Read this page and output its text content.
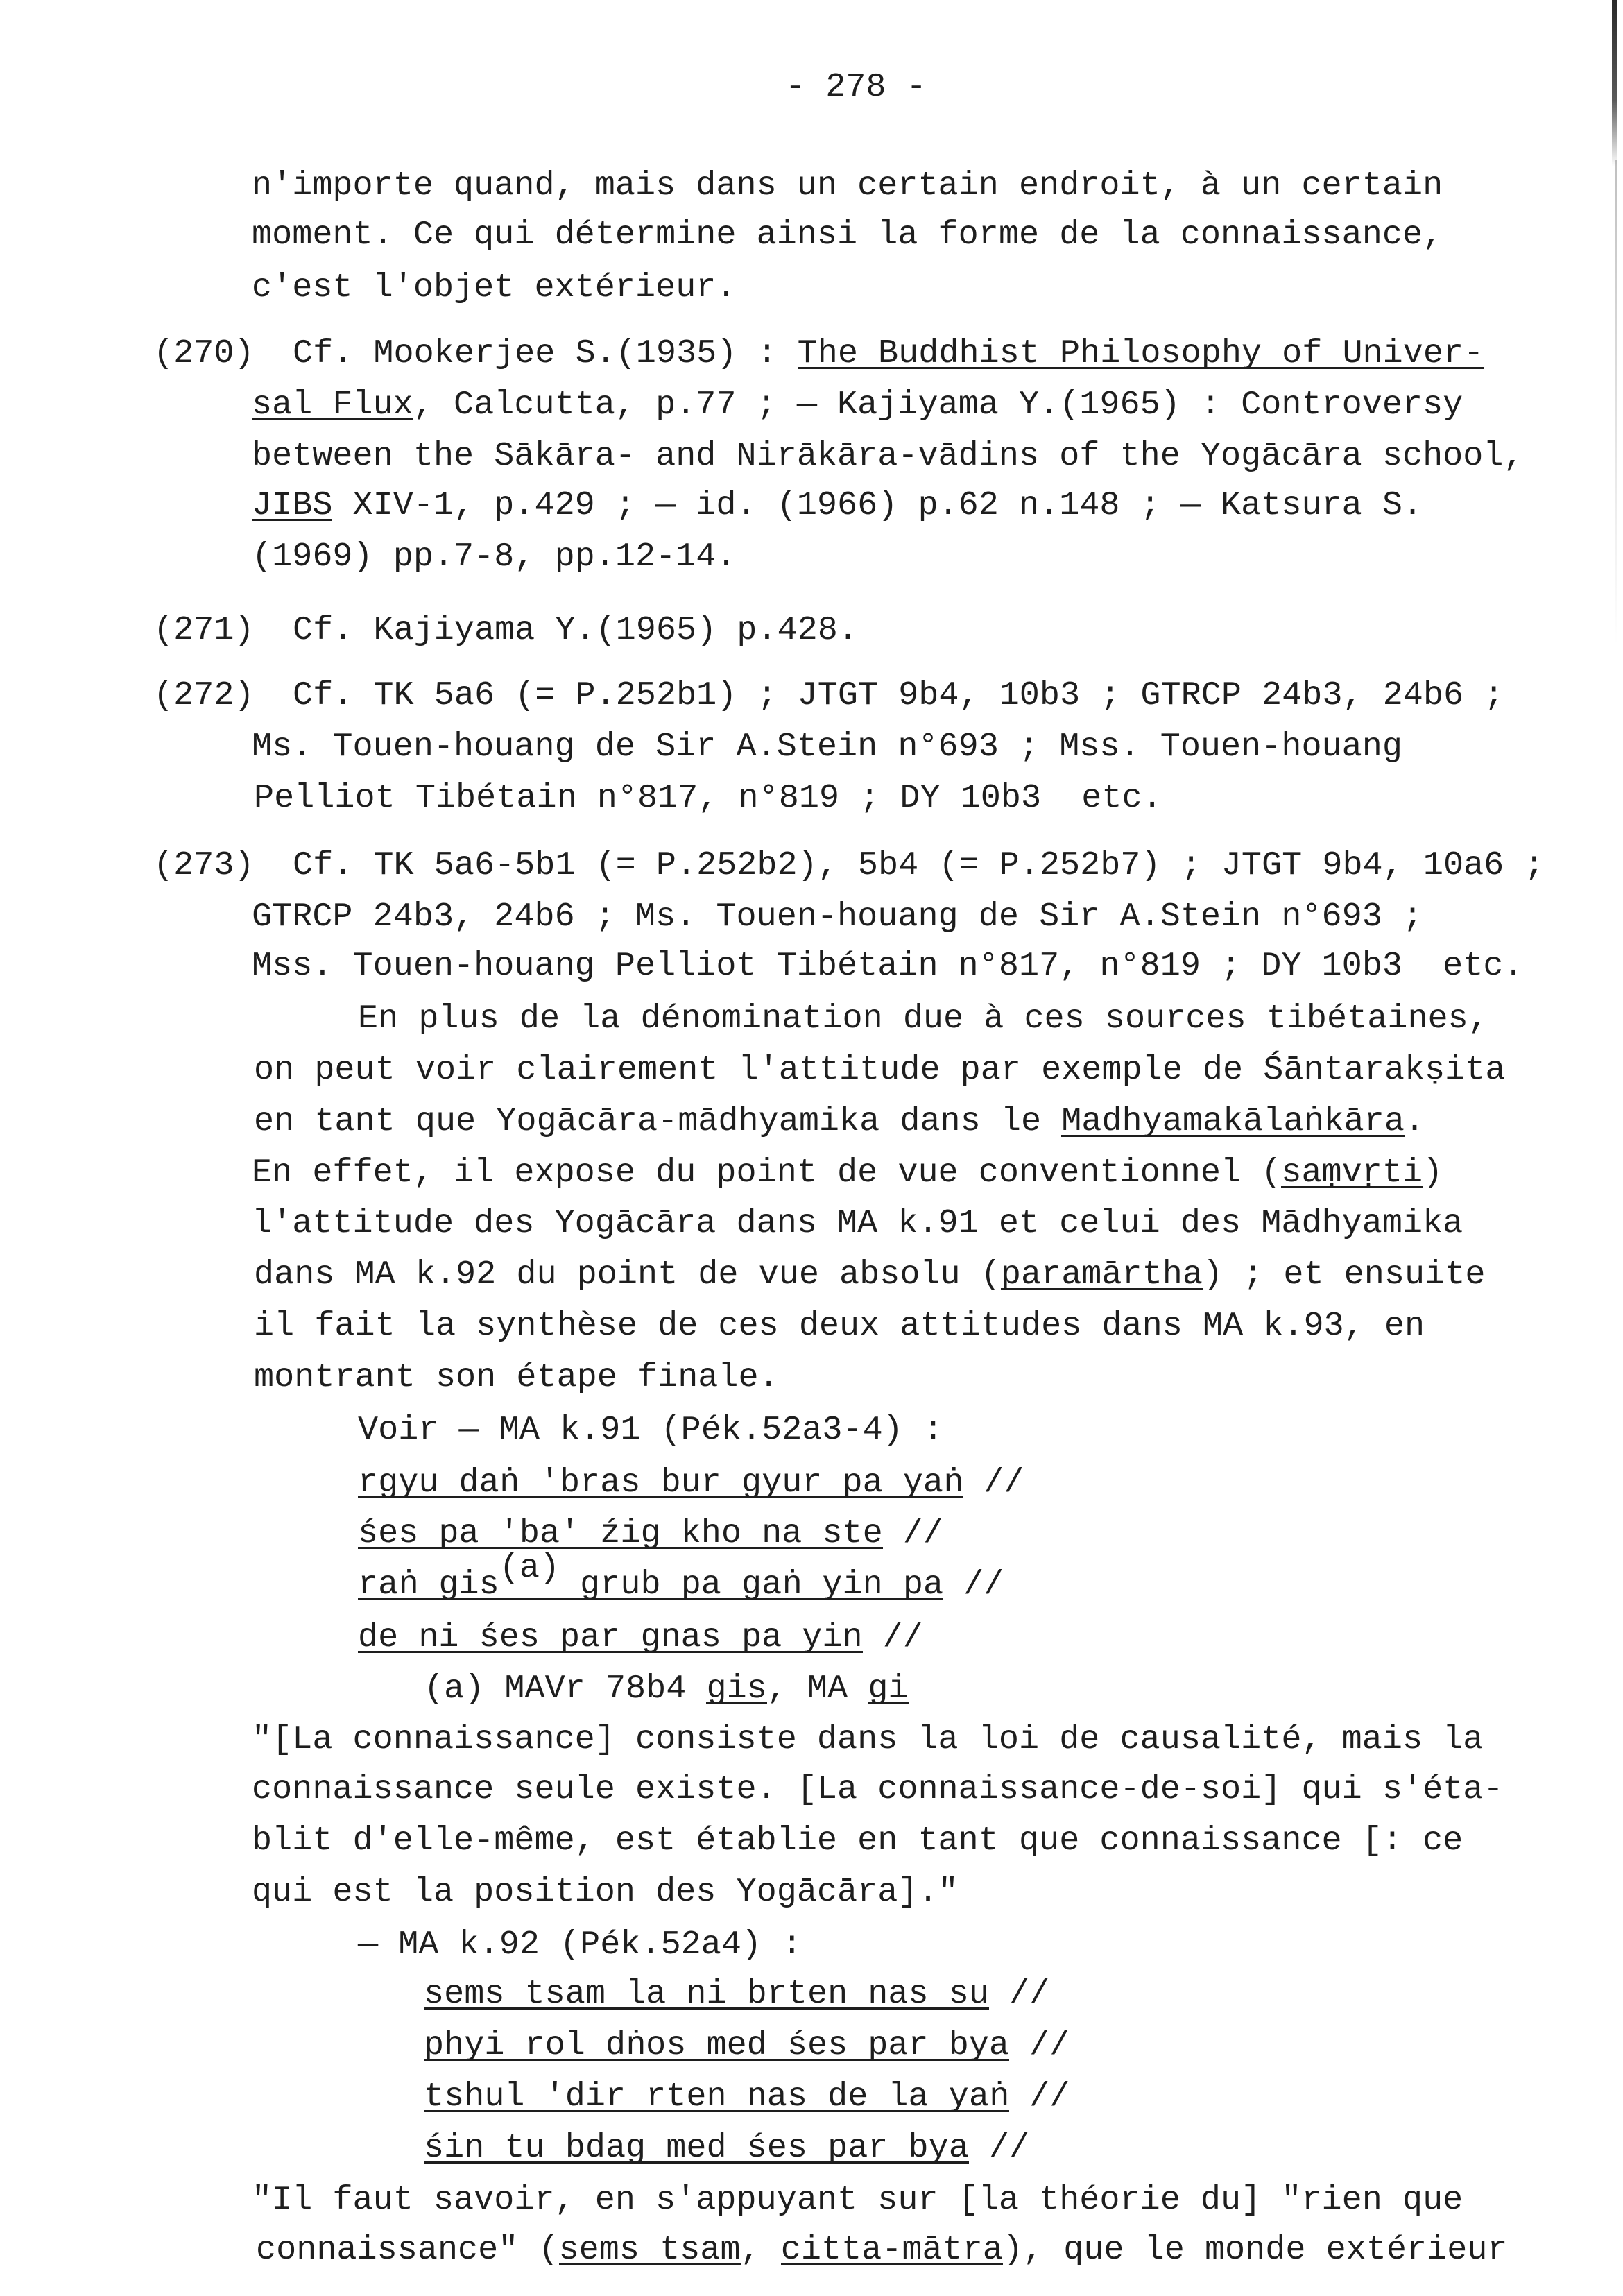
- 278 -
n'importe quand, mais dans un certain endroit, à un certain
moment. Ce qui détermine ainsi la forme de la connaissance,
c'est l'objet extérieur.
(270) Cf. Mookerjee S.(1935) : The Buddhist Philosophy of Univer-
sal Flux, Calcutta, p.77 ; — Kajiyama Y.(1965) : Controversy
between the Sākāra- and Nirākāra-vādins of the Yogācāra school,
JIBS XIV-1, p.429 ; — id. (1966) p.62 n.148 ; — Katsura S.
(1969) pp.7-8, pp.12-14.
(271) Cf. Kajiyama Y.(1965) p.428.
(272) Cf. TK 5a6 (= P.252b1) ; JTGT 9b4, 10b3 ; GTRCP 24b3, 24b6 ;
Ms. Touen-houang de Sir A.Stein n°693 ; Mss. Touen-houang
Pelliot Tibétain n°817, n°819 ; DY 10b3  etc.
(273) Cf. TK 5a6-5b1 (= P.252b2), 5b4 (= P.252b7) ; JTGT 9b4, 10a6 ;
GTRCP 24b3, 24b6 ; Ms. Touen-houang de Sir A.Stein n°693 ;
Mss. Touen-houang Pelliot Tibétain n°817, n°819 ; DY 10b3  etc.
En plus de la dénomination due à ces sources tibétaines,
on peut voir clairement l'attitude par exemple de Śāntarakṣita
en tant que Yogācāra-mādhyamika dans le Madhyamakālaṅkāra.
En effet, il expose du point de vue conventionnel (saṃvṛti)
l'attitude des Yogācāra dans MA k.91 et celui des Mādhyamika
dans MA k.92 du point de vue absolu (paramārtha) ; et ensuite
il fait la synthèse de ces deux attitudes dans MA k.93, en
montrant son étape finale.
Voir — MA k.91 (Pék.52a3-4) :
rgyu daṅ 'bras bur gyur pa yaṅ //
śes pa 'ba' źig kho na ste //
raṅ gis(a) grub pa gaṅ yin pa //
de ni śes par gnas pa yin //
(a) MAVr 78b4 gis, MA gi
"[La connaissance] consiste dans la loi de causalité, mais la
connaissance seule existe. [La connaissance-de-soi] qui s'éta-
blit d'elle-même, est établie en tant que connaissance [: ce
qui est la position des Yogācāra]."
— MA k.92 (Pék.52a4) :
sems tsam la ni brten nas su //
phyi rol dṅos med śes par bya //
tshul 'dir rten nas de la yaṅ //
śin tu bdag med śes par bya //
"Il faut savoir, en s'appuyant sur [la théorie du] "rien que
connaissance" (sems tsam, citta-mātra), que le monde extérieur
